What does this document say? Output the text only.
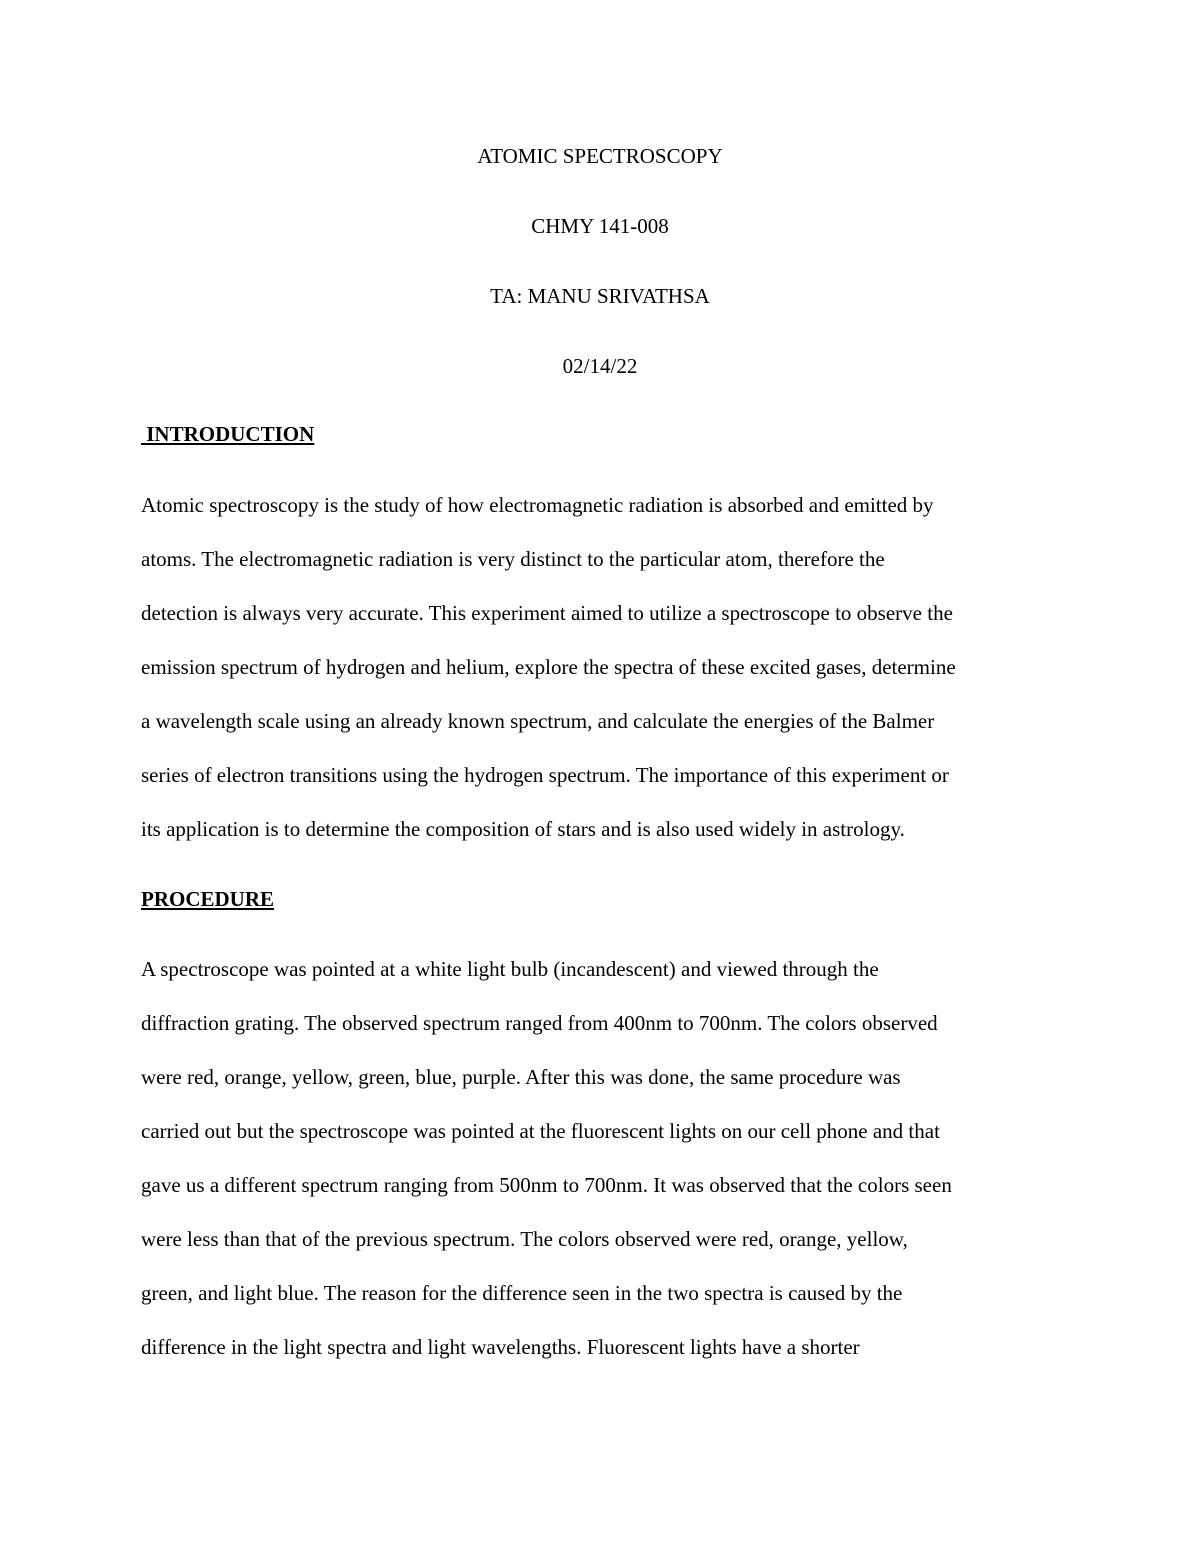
ATOMIC SPECTROSCOPY
CHMY 141-008
TA: MANU SRIVATHSA
02/14/22
INTRODUCTION
Atomic spectroscopy is the study of how electromagnetic radiation is absorbed and emitted by
atoms. The electromagnetic radiation is very distinct to the particular atom, therefore the
detection is always very accurate. This experiment aimed to utilize a spectroscope to observe the
emission spectrum of hydrogen and helium, explore the spectra of these excited gases, determine
a wavelength scale using an already known spectrum, and calculate the energies of the Balmer
series of electron transitions using the hydrogen spectrum. The importance of this experiment or
its application is to determine the composition of stars and is also used widely in astrology.
PROCEDURE
A spectroscope was pointed at a white light bulb (incandescent) and viewed through the
diffraction grating. The observed spectrum ranged from 400nm to 700nm. The colors observed
were red, orange, yellow, green, blue, purple. After this was done, the same procedure was
carried out but the spectroscope was pointed at the fluorescent lights on our cell phone and that
gave us a different spectrum ranging from 500nm to 700nm. It was observed that the colors seen
were less than that of the previous spectrum. The colors observed were red, orange, yellow,
green, and light blue. The reason for the difference seen in the two spectra is caused by the
difference in the light spectra and light wavelengths. Fluorescent lights have a shorter
